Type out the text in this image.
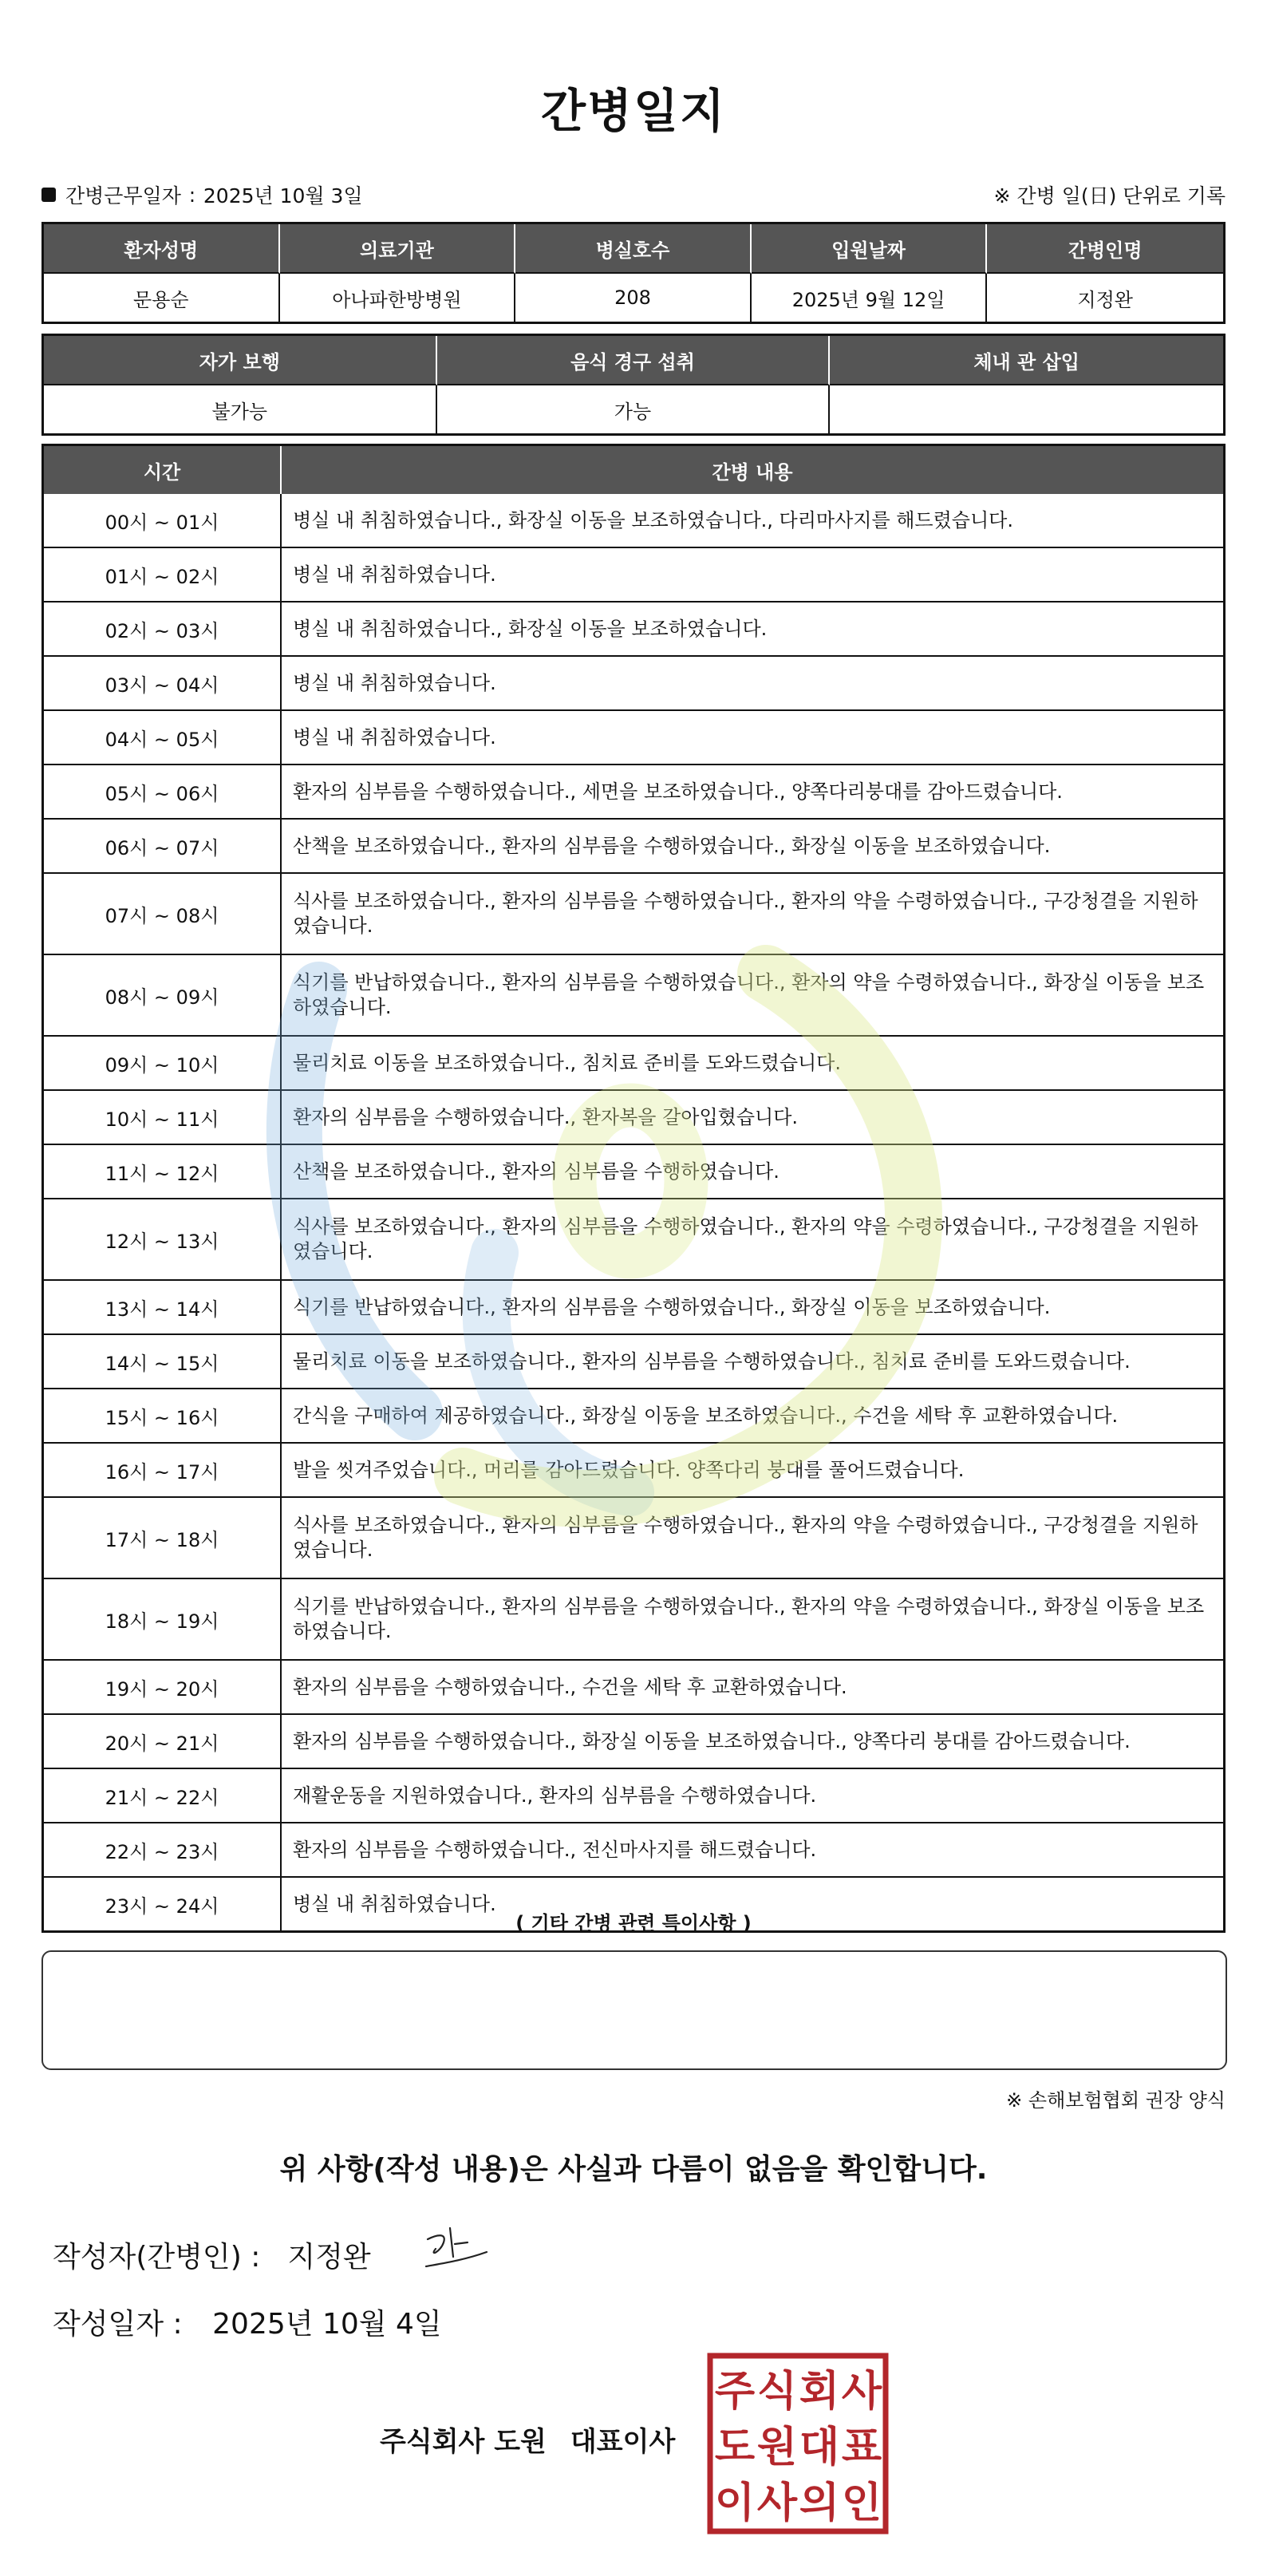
간병일지
간병근무일자 : 2025년 10월 3일	※ 간병 일(日) 단위로 기록
환자성명	의료기관	병실호수	입원날짜	간병인명
문용순	아나파한방병원	208	2025년 9월 12일	지정완
자가 보행	음식 경구 섭취	체내 관 삽입
불가능	가능	
시간	간병 내용
00시 ~ 01시	병실 내 취침하였습니다., 화장실 이동을 보조하였습니다., 다리마사지를 해드렸습니다.
01시 ~ 02시	병실 내 취침하였습니다.
02시 ~ 03시	병실 내 취침하였습니다., 화장실 이동을 보조하였습니다.
03시 ~ 04시	병실 내 취침하였습니다.
04시 ~ 05시	병실 내 취침하였습니다.
05시 ~ 06시	환자의 심부름을 수행하였습니다., 세면을 보조하였습니다., 양쪽다리붕대를 감아드렸습니다.
06시 ~ 07시	산책을 보조하였습니다., 환자의 심부름을 수행하였습니다., 화장실 이동을 보조하였습니다.
07시 ~ 08시	식사를 보조하였습니다., 환자의 심부름을 수행하였습니다., 환자의 약을 수령하였습니다., 구강청결을 지원하였습니다.
08시 ~ 09시	식기를 반납하였습니다., 환자의 심부름을 수행하였습니다., 환자의 약을 수령하였습니다., 화장실 이동을 보조하였습니다.
09시 ~ 10시	물리치료 이동을 보조하였습니다., 침치료 준비를 도와드렸습니다.
10시 ~ 11시	환자의 심부름을 수행하였습니다., 환자복을 갈아입혔습니다.
11시 ~ 12시	산책을 보조하였습니다., 환자의 심부름을 수행하였습니다.
12시 ~ 13시	식사를 보조하였습니다., 환자의 심부름을 수행하였습니다., 환자의 약을 수령하였습니다., 구강청결을 지원하였습니다.
13시 ~ 14시	식기를 반납하였습니다., 환자의 심부름을 수행하였습니다., 화장실 이동을 보조하였습니다.
14시 ~ 15시	물리치료 이동을 보조하였습니다., 환자의 심부름을 수행하였습니다., 침치료 준비를 도와드렸습니다.
15시 ~ 16시	간식을 구매하여 제공하였습니다., 화장실 이동을 보조하였습니다., 수건을 세탁 후 교환하였습니다.
16시 ~ 17시	발을 씻겨주었습니다., 머리를 감아드렸습니다. 양쪽다리 붕대를 풀어드렸습니다.
17시 ~ 18시	식사를 보조하였습니다., 환자의 심부름을 수행하였습니다., 환자의 약을 수령하였습니다., 구강청결을 지원하였습니다.
18시 ~ 19시	식기를 반납하였습니다., 환자의 심부름을 수행하였습니다., 환자의 약을 수령하였습니다., 화장실 이동을 보조하였습니다.
19시 ~ 20시	환자의 심부름을 수행하였습니다., 수건을 세탁 후 교환하였습니다.
20시 ~ 21시	환자의 심부름을 수행하였습니다., 화장실 이동을 보조하였습니다., 양쪽다리 붕대를 감아드렸습니다.
21시 ~ 22시	재활운동을 지원하였습니다., 환자의 심부름을 수행하였습니다.
22시 ~ 23시	환자의 심부름을 수행하였습니다., 전신마사지를 해드렸습니다.
23시 ~ 24시	병실 내 취침하였습니다.
( 기타 간병 관련 특이사항 )
※ 손해보험협회 권장 양식
위 사항(작성 내용)은 사실과 다름이 없음을 확인합니다.
작성자(간병인) : 지정완
작성일자 : 2025년 10월 4일
주식회사 도원 대표이사
주 식 회 사
도 원 대 표
이 사 의 인
